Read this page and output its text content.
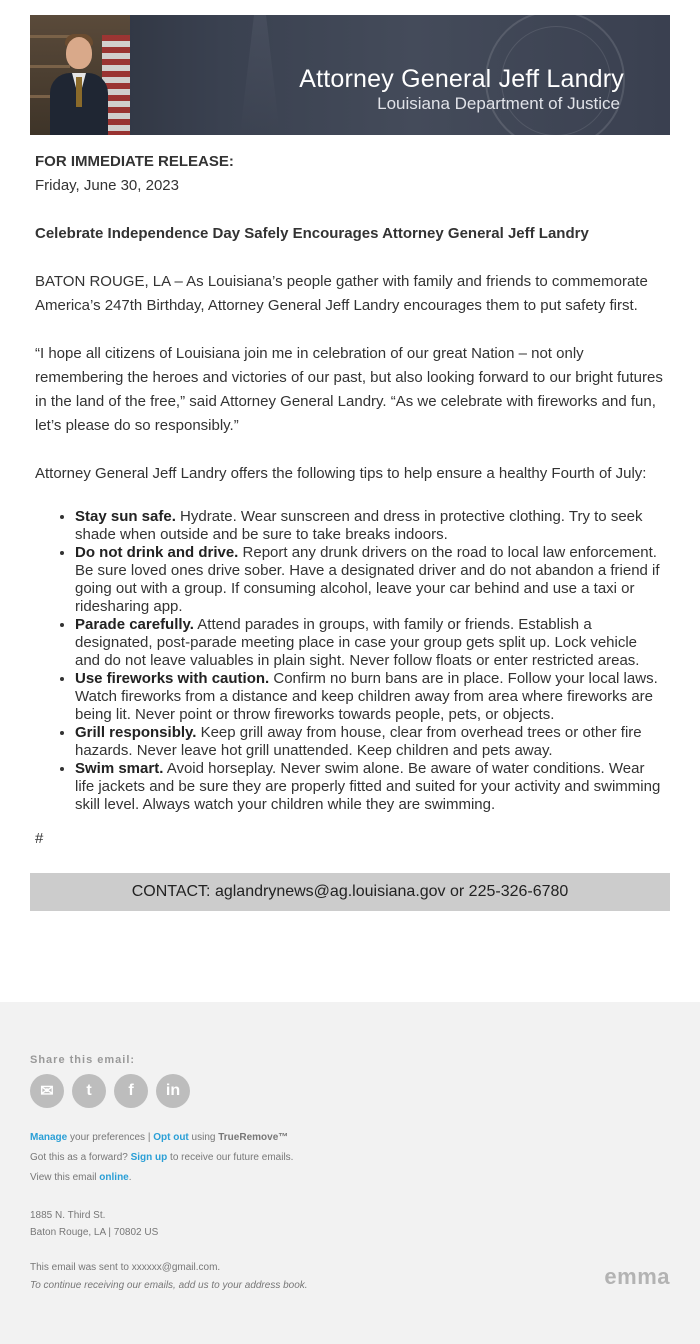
Attorney General Jeff Landry
Louisiana Department of Justice
FOR IMMEDIATE RELEASE:
Friday, June 30, 2023
Celebrate Independence Day Safely Encourages Attorney General Jeff Landry
BATON ROUGE, LA – As Louisiana’s people gather with family and friends to commemorate America’s 247th Birthday, Attorney General Jeff Landry encourages them to put safety first.
“I hope all citizens of Louisiana join me in celebration of our great Nation – not only remembering the heroes and victories of our past, but also looking forward to our bright futures in the land of the free,” said Attorney General Landry. “As we celebrate with fireworks and fun, let’s please do so responsibly.”
Attorney General Jeff Landry offers the following tips to help ensure a healthy Fourth of July:
• Stay sun safe. Hydrate. Wear sunscreen and dress in protective clothing. Try to seek shade when outside and be sure to take breaks indoors.
• Do not drink and drive. Report any drunk drivers on the road to local law enforcement. Be sure loved ones drive sober. Have a designated driver and do not abandon a friend if going out with a group. If consuming alcohol, leave your car behind and use a taxi or ridesharing app.
• Parade carefully. Attend parades in groups, with family or friends. Establish a designated, post-parade meeting place in case your group gets split up. Lock vehicle and do not leave valuables in plain sight. Never follow floats or enter restricted areas.
• Use fireworks with caution. Confirm no burn bans are in place. Follow your local laws. Watch fireworks from a distance and keep children away from area where fireworks are being lit. Never point or throw fireworks towards people, pets, or objects.
• Grill responsibly. Keep grill away from house, clear from overhead trees or other fire hazards. Never leave hot grill unattended. Keep children and pets away.
• Swim smart. Avoid horseplay. Never swim alone. Be aware of water conditions. Wear life jackets and be sure they are properly fitted and suited for your activity and swimming skill level. Always watch your children while they are swimming.
#
CONTACT: aglandrynews@ag.louisiana.gov or 225-326-6780
Share this email:
✉	t	f	in
Manage your preferences | Opt out using TrueRemove™
Got this as a forward? Sign up to receive our future emails.
View this email online.
1885 N. Third St.
Baton Rouge, LA | 70802 US
This email was sent to xxxxxx@gmail.com.
To continue receiving our emails, add us to your address book.	emma
